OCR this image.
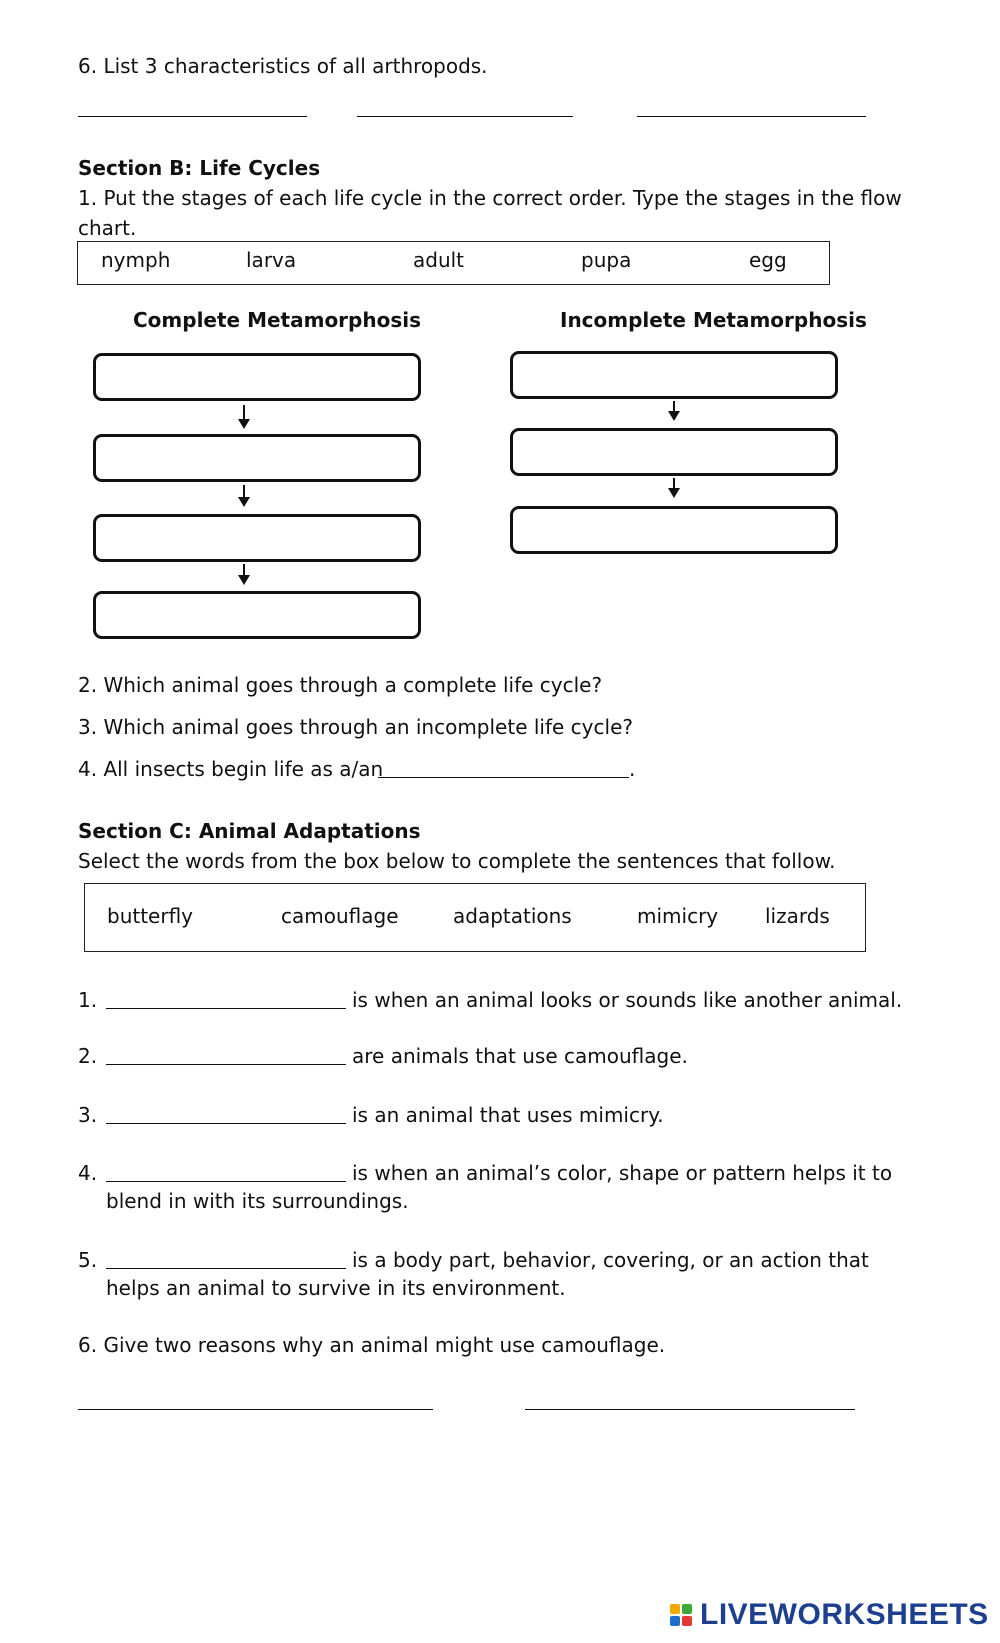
6. List 3 characteristics of all arthropods.
Section B: Life Cycles
1. Put the stages of each life cycle in the correct order. Type the stages in the flow
chart.
nymph	larva	adult	pupa	egg
Complete Metamorphosis	Incomplete Metamorphosis
2. Which animal goes through a complete life cycle?
3. Which animal goes through an incomplete life cycle?
4. All insects begin life as a/an	.
Section C: Animal Adaptations
Select the words from the box below to complete the sentences that follow.
butterfly	camouflage	adaptations	mimicry lizards
1.	is when an animal looks or sounds like another animal.
2.	are animals that use camouflage.
3.	is an animal that uses mimicry.
4.	is when an animal’s color, shape or pattern helps it to
blend in with its surroundings.
5.	is a body part, behavior, covering, or an action that
helps an animal to survive in its environment.
6. Give two reasons why an animal might use camouflage.
LIVEWORKSHEETS
